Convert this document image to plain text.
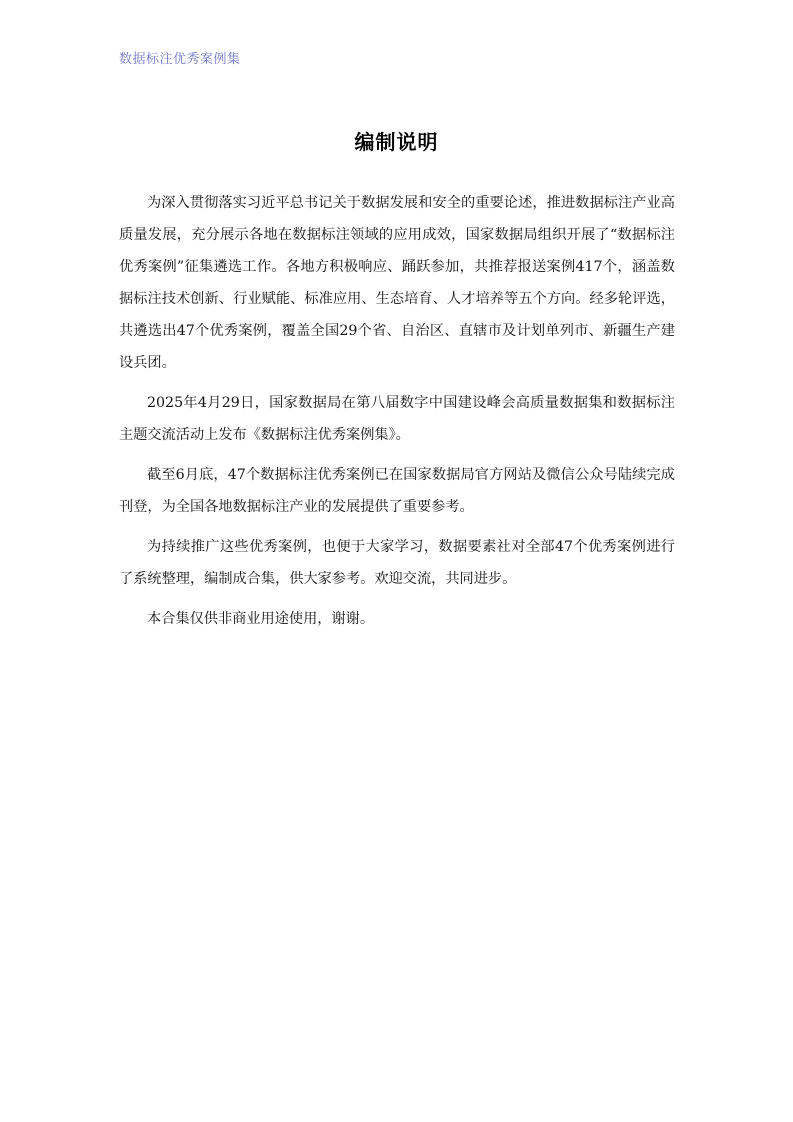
数据标注优秀案例集
编制说明

为深入贯彻落实习近平总书记关于数据发展和安全的重要论述，推进数据标注产业高质量发展，充分展示各地在数据标注领域的应用成效，国家数据局组织开展了“数据标注优秀案例”征集遴选工作。各地方积极响应、踊跃参加，共推荐报送案例417个，涵盖数据标注技术创新、行业赋能、标准应用、生态培育、人才培养等五个方向。经多轮评选，共遴选出47个优秀案例，覆盖全国29个省、自治区、直辖市及计划单列市、新疆生产建设兵团。

2025年4月29日，国家数据局在第八届数字中国建设峰会高质量数据集和数据标注主题交流活动上发布《数据标注优秀案例集》。

截至6月底，47个数据标注优秀案例已在国家数据局官方网站及微信公众号陆续完成刊登，为全国各地数据标注产业的发展提供了重要参考。

为持续推广这些优秀案例，也便于大家学习，数据要素社对全部47个优秀案例进行了系统整理，编制成合集，供大家参考。欢迎交流，共同进步。

本合集仅供非商业用途使用，谢谢。
